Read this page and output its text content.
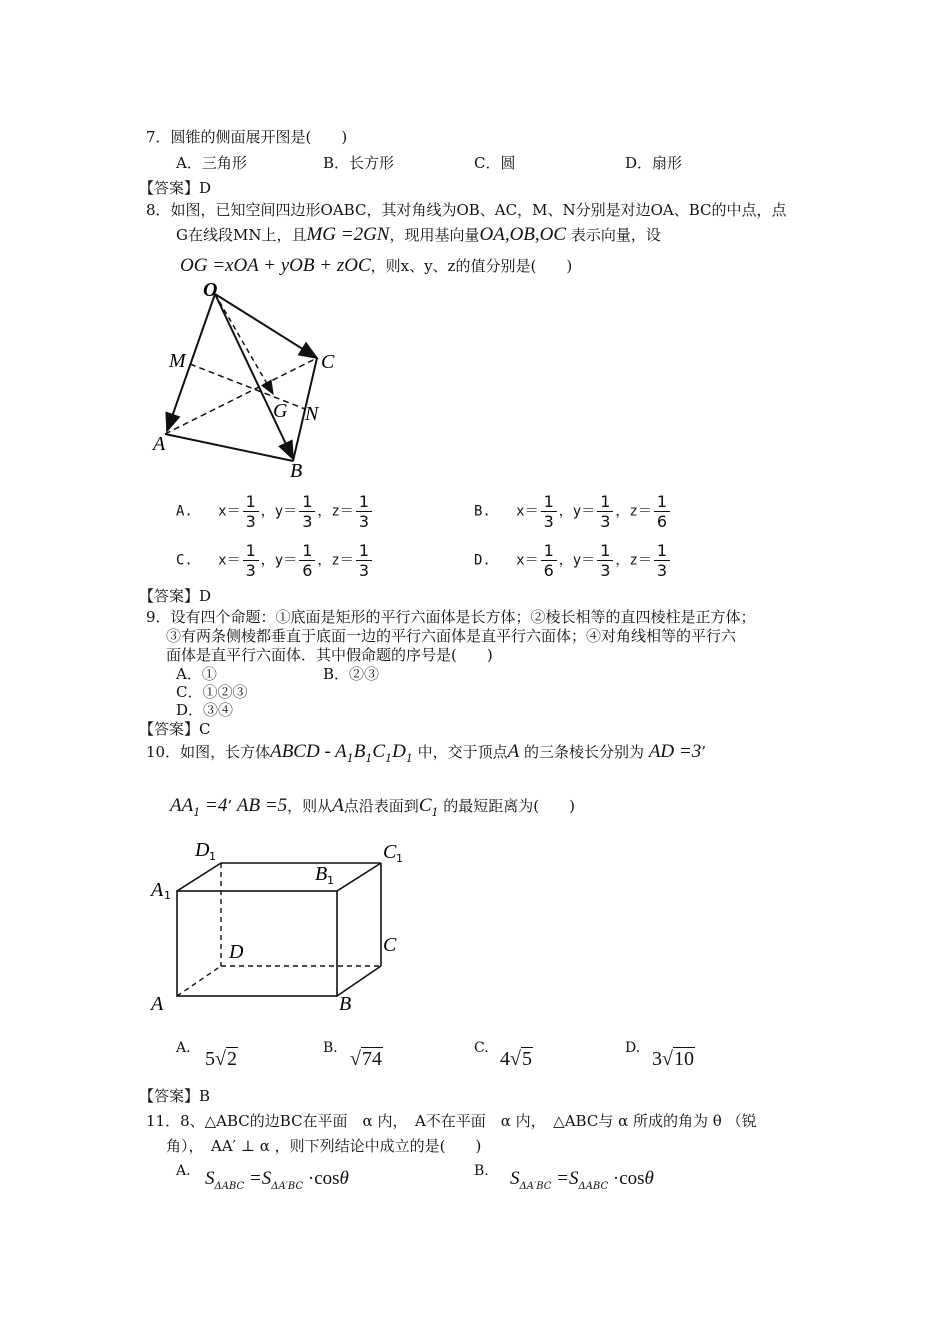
7．圆锥的侧面展开图是(　　)
A．三角形	B．长方形	C．圆	D．扇形
【答案】D
8．如图，已知空间四边形OABC，其对角线为OB、AC，M、N分别是对边OA、BC的中点，点
G在线段MN上，且MG =2GN，现用基向量OA,OB,OC 表示向量，设
OG =xOA + yOB + zOC，则x、y、z的值分别是(　　)
O
M	C
G N
A
B
A. $x= \frac{1}{3}$ ，$y= \frac{1}{3}$ ，$z= \frac{1}{3}$	B. $x= \frac{1}{3}$ ，$y= \frac{1}{3}$ ，$z= \frac{1}{6}$
C. $x= \frac{1}{3}$ ，$y= \frac{1}{6}$ ，$z= \frac{1}{3}$	D. $x= \frac{1}{6}$ ，$y= \frac{1}{3}$ ，$z= \frac{1}{3}$
【答案】D
9．设有四个命题：①底面是矩形的平行六面体是长方体；②棱长相等的直四棱柱是正方体；
③有两条侧棱都垂直于底面一边的平行六面体是直平行六面体；④对角线相等的平行六
面体是直平行六面体．其中假命题的序号是(　　)
A．①	B．②③
C．①②③
D．③④
【答案】C
10．如图，长方体ABCD - $A_1B_1C_1D_1$ 中，交于顶点A 的三条棱长分别为 AD =3’
$AA_1 =4$’ AB =5，则从A点沿表面到$C_1$ 的最短距离为(　　)
D 1	C 1
A 1
B 1
D	C
A	B
A. 5√2	B. √74	C. 4√5	D. 3√10
【答案】B
11．8、△ABC的边BC在平面　α 内，　A不在平面　α 内，　△ABC与 α 所成的角为 θ （锐
角），　AA′ ⊥ α ，则下列结论中成立的是(　　)
A. $S_{\Delta ABC} =S_{\Delta A'BC} \cdot\cos\theta$	B. $S_{\Delta A'BC} =S_{\Delta ABC} \cdot\cos\theta$
